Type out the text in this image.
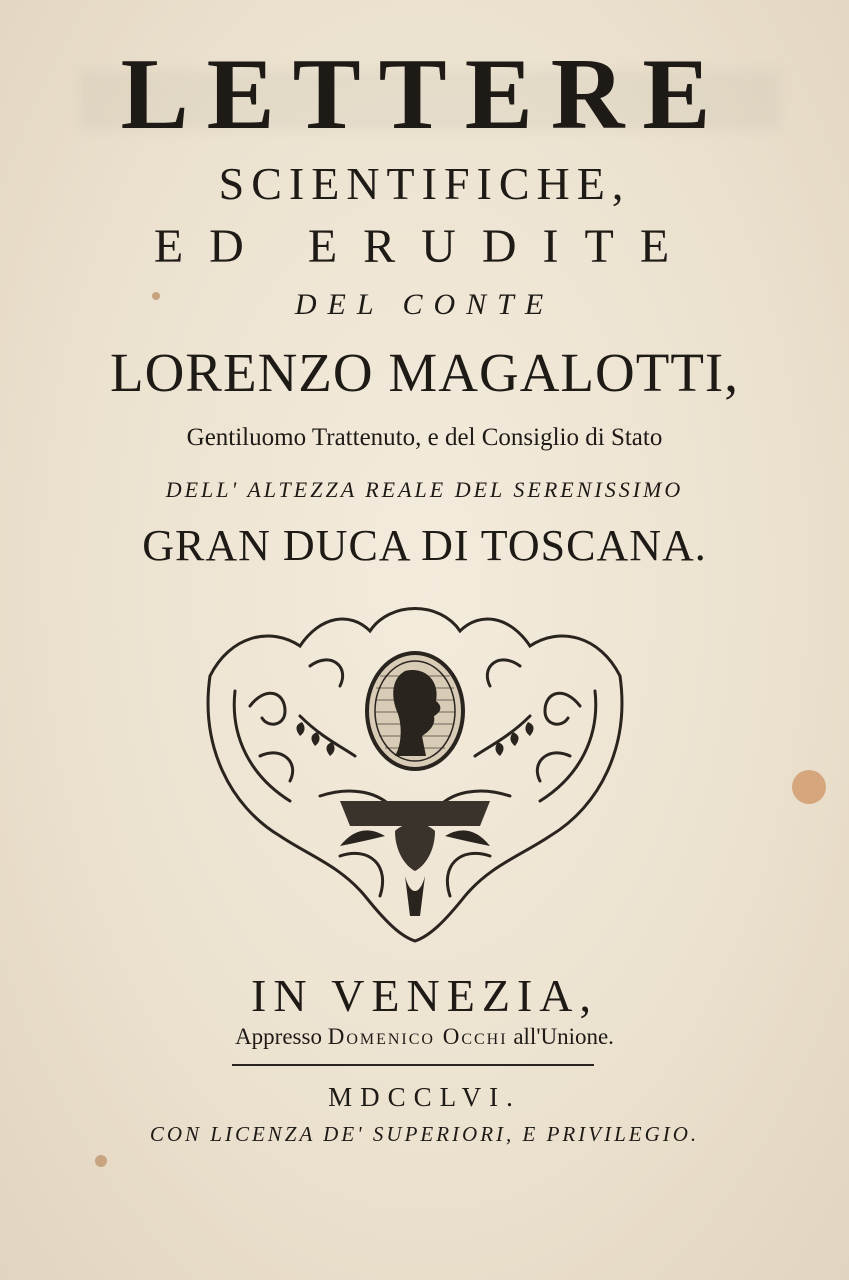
LETTERE
SCIENTIFICHE,
ED ERUDITE
DEL CONTE
LORENZO MAGALOTTI,
Gentiluomo Trattenuto, e del Consiglio di Stato
DELL' ALTEZZA REALE DEL SERENISSIMO
GRAN DUCA DI TOSCANA.
IN VENEZIA,
Appresso Domenico Occhi all'Unione.
MDCCLVI.
CON LICENZA DE' SUPERIORI, E PRIVILEGIO.
